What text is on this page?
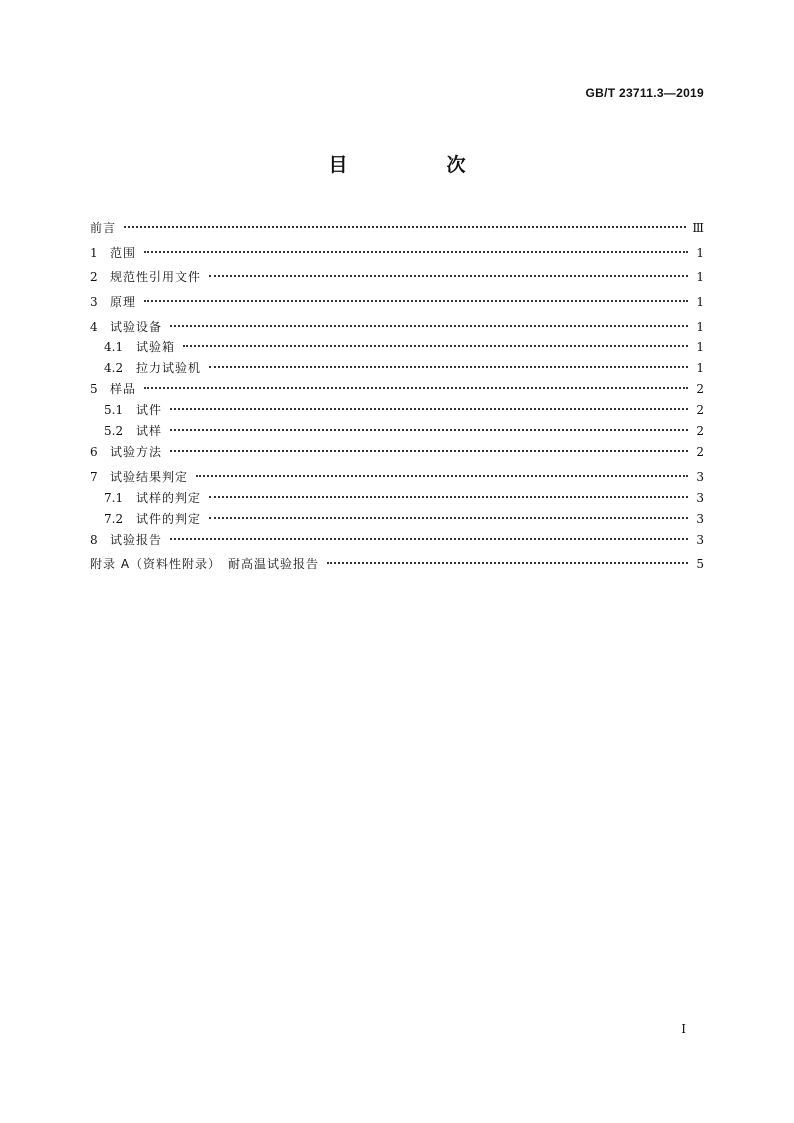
GB/T 23711.3—2019
目　次
前言	Ⅲ
1	范围	1
2	规范性引用文件	1
3	原理	1
4	试验设备	1
4.1	试验箱	1
4.2	拉力试验机	1
5	样品	2
5.1	试件	2
5.2	试样	2
6	试验方法	2
7	试验结果判定	3
7.1	试样的判定	3
7.2	试件的判定	3
8	试验报告	3
附录 A（资料性附录）　耐高温试验报告	5
I
